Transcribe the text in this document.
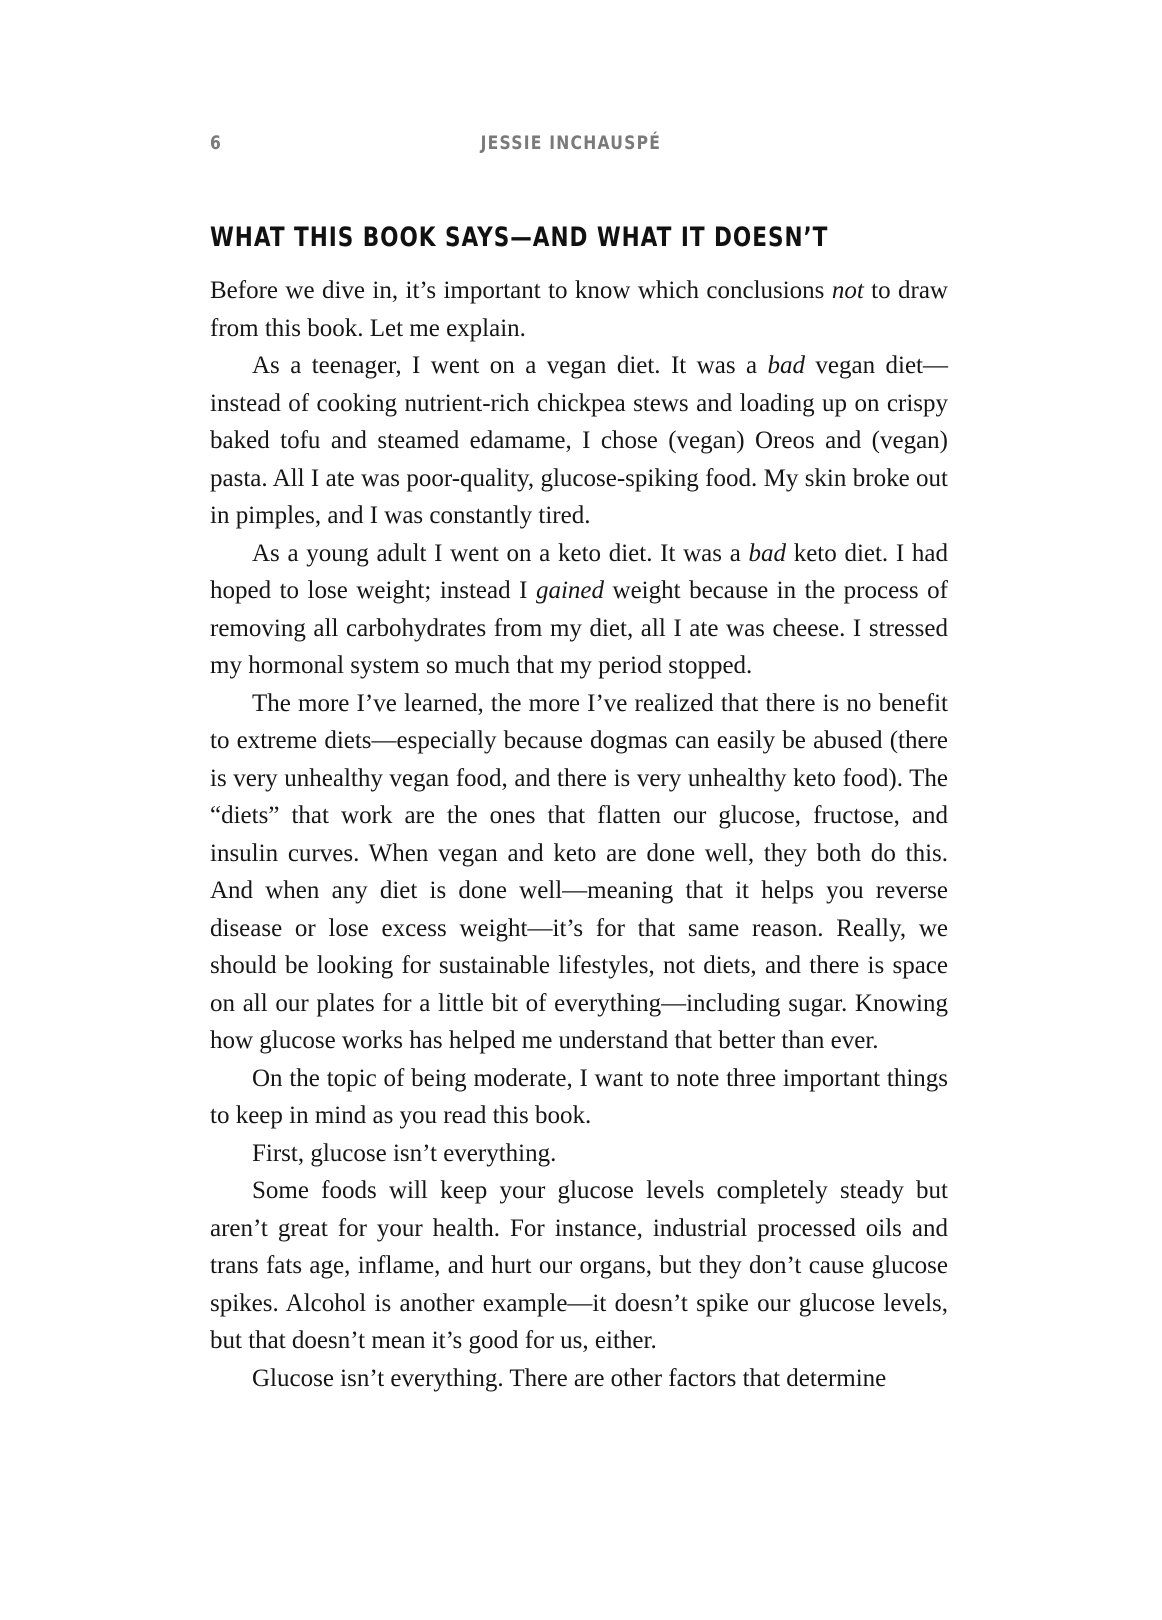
6	JESSIE INCHAUSPÉ
WHAT THIS BOOK SAYS—AND WHAT IT DOESN’T

Before we dive in, it’s important to know which conclusions not to draw from this book. Let me explain.

As a teenager, I went on a vegan diet. It was a bad vegan diet—instead of cooking nutrient-rich chickpea stews and loading up on crispy baked tofu and steamed edamame, I chose (vegan) Oreos and (vegan) pasta. All I ate was poor-quality, glucose-spiking food. My skin broke out in pimples, and I was constantly tired.

As a young adult I went on a keto diet. It was a bad keto diet. I had hoped to lose weight; instead I gained weight because in the process of removing all carbohydrates from my diet, all I ate was cheese. I stressed my hormonal system so much that my period stopped.

The more I’ve learned, the more I’ve realized that there is no benefit to extreme diets—especially because dogmas can easily be abused (there is very unhealthy vegan food, and there is very unhealthy keto food). The “diets” that work are the ones that flatten our glucose, fructose, and insulin curves. When vegan and keto are done well, they both do this. And when any diet is done well—meaning that it helps you reverse disease or lose excess weight—it’s for that same reason. Really, we should be looking for sustainable lifestyles, not diets, and there is space on all our plates for a little bit of everything—including sugar. Knowing how glucose works has helped me understand that better than ever.

On the topic of being moderate, I want to note three important things to keep in mind as you read this book.

First, glucose isn’t everything.

Some foods will keep your glucose levels completely steady but aren’t great for your health. For instance, industrial processed oils and trans fats age, inflame, and hurt our organs, but they don’t cause glucose spikes. Alcohol is another example—it doesn’t spike our glucose levels, but that doesn’t mean it’s good for us, either.

Glucose isn’t everything. There are other factors that determine
